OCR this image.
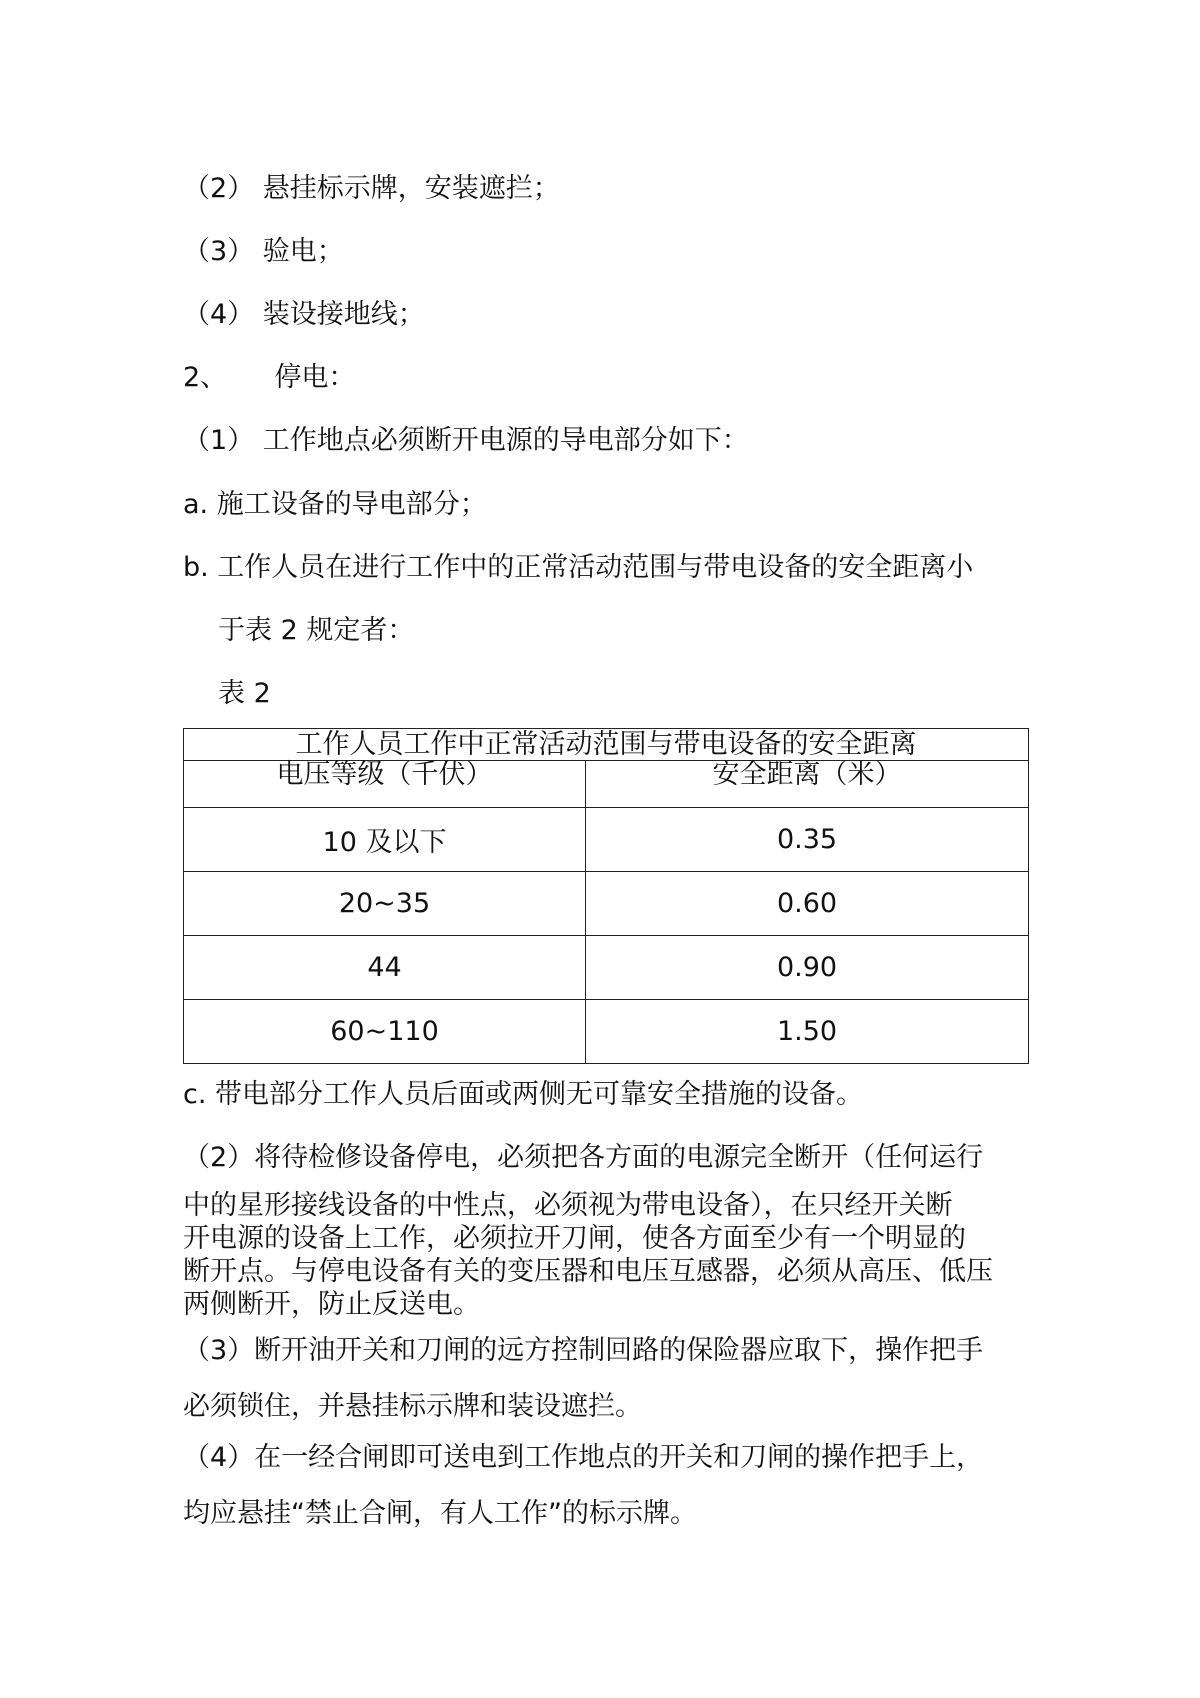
（2） 悬挂标示牌，安装遮拦；
（3） 验电；
（4） 装设接地线；
2、 停电：
（1） 工作地点必须断开电源的导电部分如下：
a. 施工设备的导电部分；
b. 工作人员在进行工作中的正常活动范围与带电设备的安全距离小
于表 2 规定者：
表 2
工作人员工作中正常活动范围与带电设备的安全距离	
电压等级（千伏）	安全距离（米）
10 及以下	0.35
20~35	0.60
44	0.90
60~110	1.50
c. 带电部分工作人员后面或两侧无可靠安全措施的设备。
（2）将待检修设备停电，必须把各方面的电源完全断开（任何运行

中的星形接线设备的中性点，必须视为带电设备），在只经开关断

开电源的设备上工作，必须拉开刀闸，使各方面至少有一个明显的

断开点。与停电设备有关的变压器和电压互感器，必须从高压、低压

两侧断开，防止反送电。

（3）断开油开关和刀闸的远方控制回路的保险器应取下，操作把手
必须锁住，并悬挂标示牌和装设遮拦。
（4）在一经合闸即可送电到工作地点的开关和刀闸的操作把手上，
均应悬挂“禁止合闸，有人工作”的标示牌。
